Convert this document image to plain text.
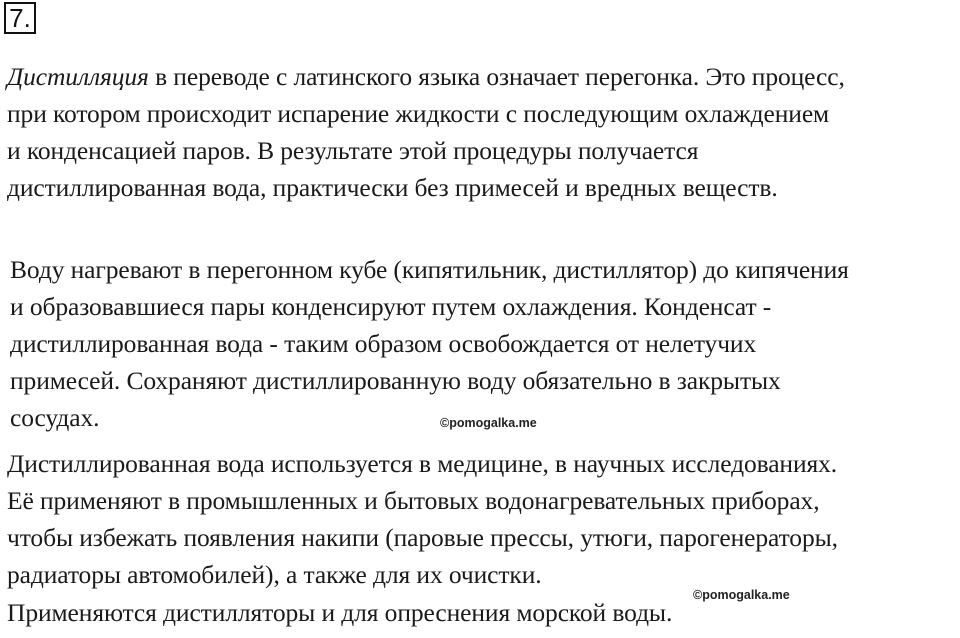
7.

Дистилляция в переводе с латинского языка означает перегонка. Это процесс,
при котором происходит испарение жидкости с последующим охлаждением
и конденсацией паров. В результате этой процедуры получается
дистиллированная вода, практически без примесей и вредных веществ.

Воду нагревают в перегонном кубе (кипятильник, дистиллятор) до кипячения
и образовавшиеся пары конденсируют путем охлаждения. Конденсат -
дистиллированная вода - таким образом освобождается от нелетучих
примесей. Сохраняют дистиллированную воду обязательно в закрытых
сосудах.	©pomogalka.me

Дистиллированная вода используется в медицине, в научных исследованиях.
Её применяют в промышленных и бытовых водонагревательных приборах,
чтобы избежать появления накипи (паровые прессы, утюги, парогенераторы,
радиаторы автомобилей), а также для их очистки.

©pomogalka.me

Применяются дистилляторы и для опреснения морской воды.
